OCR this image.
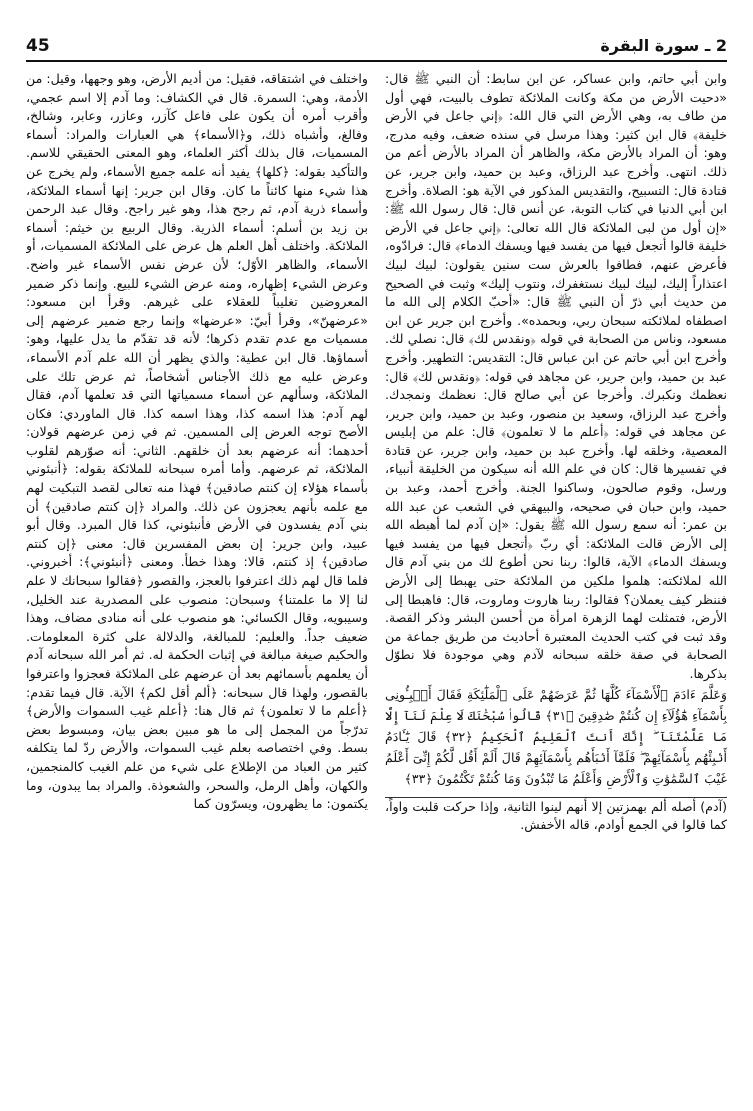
45	2 ـ سورة البقرة

وابن أبي حاتم، وابن عساكر، عن ابن سابط: أن النبي ﷺ قال: «دحيت الأرض من مكة وكانت الملائكة تطوف بالبيت، فهي أول من طاف به، وهي الأرض التي قال الله: ﴿إني جاعل في الأرض خليفة﴾ قال ابن كثير: وهذا مرسل في سنده ضعف، وفيه مدرج، وهو: أن المراد بالأرض مكة، والظاهر أن المراد بالأرض أعم من ذلك. انتهى. وأخرج عبد الرزاق، وعبد بن حميد، وابن جرير، عن قتادة قال: التسبيح، والتقديس المذكور في الآية هو: الصلاة. وأخرج ابن أبي الدنيا في كتاب التوبة، عن أنس قال: قال رسول الله ﷺ: «إن أول من لبى الملائكة قال الله تعالى: ﴿إني جاعل في الأرض خليفة قالوا أتجعل فيها من يفسد فيها ويسفك الدماء﴾ قال: فرادّوه، فأعرض عنهم، فطافوا بالعرش ست سنين يقولون: لبيك لبيك اعتذاراً إليك، لبيك لبيك نستغفرك، ونتوب إليك» وثبت في الصحيح من حديث أبي ذرّ أن النبي ﷺ قال: «أحبّ الكلام إلى الله ما اصطفاه لملائكته سبحان ربي، وبحمده». وأخرج ابن جرير عن ابن مسعود، وناس من الصحابة في قوله ﴿ونقدس لك﴾ قال: نصلي لك. وأخرج ابن أبي حاتم عن ابن عباس قال: التقديس: التطهير. وأخرج عبد بن حميد، وابن جرير، عن مجاهد في قوله: ﴿ونقدس لك﴾ قال: نعظمك ونكبرك. وأخرجا عن أبي صالح قال: نعظمك ونمجدك. وأخرج عبد الرزاق، وسعيد بن منصور، وعبد بن حميد، وابن جرير، عن مجاهد في قوله: ﴿أعلم ما لا تعلمون﴾ قال: علم من إبليس المعصية، وخلقه لها. وأخرج عبد بن حميد، وابن جرير، عن قتادة في تفسيرها قال: كان في علم الله أنه سيكون من الخليقة أنبياء، ورسل، وقوم صالحون، وساكنوا الجنة. وأخرج أحمد، وعبد بن حميد، وابن حبان في صحيحه، والبيهقي في الشعب عن عبد الله بن عمر: أنه سمع رسول الله ﷺ يقول: «إن آدم لما أهبطه الله إلى الأرض قالت الملائكة: أي ربّ ﴿أتجعل فيها من يفسد فيها ويسفك الدماء﴾ الآية، قالوا: ربنا نحن أطوع لك من بني آدم قال الله لملائكته: هلموا ملكين من الملائكة حتى يهبطا إلى الأرض فننظر كيف يعملان؟ فقالوا: ربنا هاروت وماروت، قال: فاهبطا إلى الأرض، فتمثلت لهما الزهرة امرأة من أحسن البشر وذكر القصة. وقد ثبت في كتب الحديث المعتبرة أحاديث من طريق جماعة من الصحابة في صفة خلقه سبحانه لآدم وهي موجودة فلا نطوّل بذكرها.

وَعَلَّمَ ءَادَمَ ٱلْأَسْمَآءَ كُلَّهَا ثُمَّ عَرَضَهُمْ عَلَى ٱلْمَلَٰٓئِكَةِ فَقَالَ أَنۢبِـُٔونِى بِأَسْمَآءِ هَٰٓؤُلَآءِ إِن كُنتُمْ صَٰدِقِينَ ﴿٣١﴾ قَالُوا۟ سُبْحَٰنَكَ لَا عِلْمَ لَنَآ إِلَّا مَا عَلَّمْتَنَآ ۖ إِنَّكَ أَنتَ ٱلْعَلِيمُ ٱلْحَكِيمُ ﴿٣٢﴾ قَالَ يَٰٓـَٔادَمُ أَنۢبِئْهُم بِأَسْمَآئِهِمْ ۖ فَلَمَّآ أَنۢبَأَهُم بِأَسْمَآئِهِمْ قَالَ أَلَمْ أَقُل لَّكُمْ إِنِّىٓ أَعْلَمُ غَيْبَ ٱلسَّمَٰوَٰتِ وَٱلْأَرْضِ وَأَعْلَمُ مَا تُبْدُونَ وَمَا كُنتُمْ تَكْتُمُونَ ﴿٣٣﴾

(آدم) أصله ألم بهمزتين إلا أنهم لينوا الثانية، وإذا حركت قلبت واواً، كما قالوا في الجمع أوادم، قاله الأخفش.

واختلف في اشتقاقه، فقيل: من أديم الأرض، وهو وجهها، وقيل: من الأدمة، وهي: السمرة. قال في الكشاف: وما آدم إلا اسم عجمي، وأقرب أمره أن يكون على فاعل كآزر، وعازر، وعابر، وشالخ، وفالغ، وأشباه ذلك، و﴿الأسماء﴾ هي العبارات والمراد: أسماء المسميات، قال بذلك أكثر العلماء، وهو المعنى الحقيقي للاسم. والتأكيد بقوله: ﴿كلها﴾ يفيد أنه علمه جميع الأسماء، ولم يخرج عن هذا شيء منها كائناً ما كان. وقال ابن جرير: إنها أسماء الملائكة، وأسماء ذرية آدم، ثم رجح هذا، وهو غير راجح. وقال عبد الرحمن بن زيد بن أسلم: أسماء الذرية. وقال الربيع بن خيثم: أسماء الملائكة. واختلف أهل العلم هل عرض على الملائكة المسميات، أو الأسماء، والظاهر الأوّل؛ لأن عرض نفس الأسماء غير واضح. وعرض الشيء إظهاره، ومنه عرض الشيء للبيع. وإنما ذكر ضمير المعروضين تغليباً للعقلاء على غيرهم. وقرأ ابن مسعود: «عرضهنّ»، وقرأ أبيّ: «عرضها» وإنما رجع ضمير عرضهم إلى مسميات مع عدم تقدم ذكرها؛ لأنه قد تقدّم ما يدل عليها، وهو: أسماؤها. قال ابن عطية: والذي يظهر أن الله علم آدم الأسماء، وعرض عليه مع ذلك الأجناس أشخاصاً، ثم عرض تلك على الملائكة، وسألهم عن أسماء مسمياتها التي قد تعلمها آدم، فقال لهم آدم: هذا اسمه كذا، وهذا اسمه كذا. قال الماوردي: فكان الأصح توجه العرض إلى المسمين. ثم في زمن عرضهم قولان: أحدهما: أنه عرضهم بعد أن خلقهم. الثاني: أنه صوّرهم لقلوب الملائكة، ثم عرضهم. وأما أمره سبحانه للملائكة بقوله: ﴿أنبئوني بأسماء هؤلاء إن كنتم صادقين﴾ فهذا منه تعالى لقصد التبكيت لهم مع علمه بأنهم يعجزون عن ذلك. والمراد ﴿إن كنتم صادقين﴾ أن بني آدم يفسدون في الأرض فأنبئوني، كذا قال المبرد. وقال أبو عبيد، وابن جرير: إن بعض المفسرين قال: معنى ﴿إن كنتم صادقين﴾ إذ كنتم، قالا: وهذا خطأ. ومعنى ﴿أنبئوني﴾: أخبروني. فلما قال لهم ذلك اعترفوا بالعجز، والقصور ﴿فقالوا سبحانك لا علم لنا إلا ما علمتنا﴾ وسبحان: منصوب على المصدرية عند الخليل، وسيبويه، وقال الكسائي: هو منصوب على أنه منادى مضاف، وهذا ضعيف جداً. والعليم: للمبالغة، والدلالة على كثرة المعلومات. والحكيم صيغة مبالغة في إثبات الحكمة له. ثم أمر الله سبحانه آدم أن يعلمهم بأسمائهم بعد أن عرضهم على الملائكة فعجزوا واعترفوا بالقصور، ولهذا قال سبحانه: ﴿ألم أقل لكم﴾ الآية. قال فيما تقدم: ﴿أعلم ما لا تعلمون﴾ ثم قال هنا: ﴿أعلم غيب السموات والأرض﴾ تدرّجاً من المجمل إلى ما هو مبين بعض بيان، ومبسوط بعض بسط. وفي اختصاصه بعلم غيب السموات، والأرض ردّ لما يتكلفه كثير من العباد من الإطلاع على شيء من علم الغيب كالمنجمين، والكهان، وأهل الرمل، والسحر، والشعوذة. والمراد بما يبدون، وما يكتمون: ما يظهرون، ويسرّون كما
